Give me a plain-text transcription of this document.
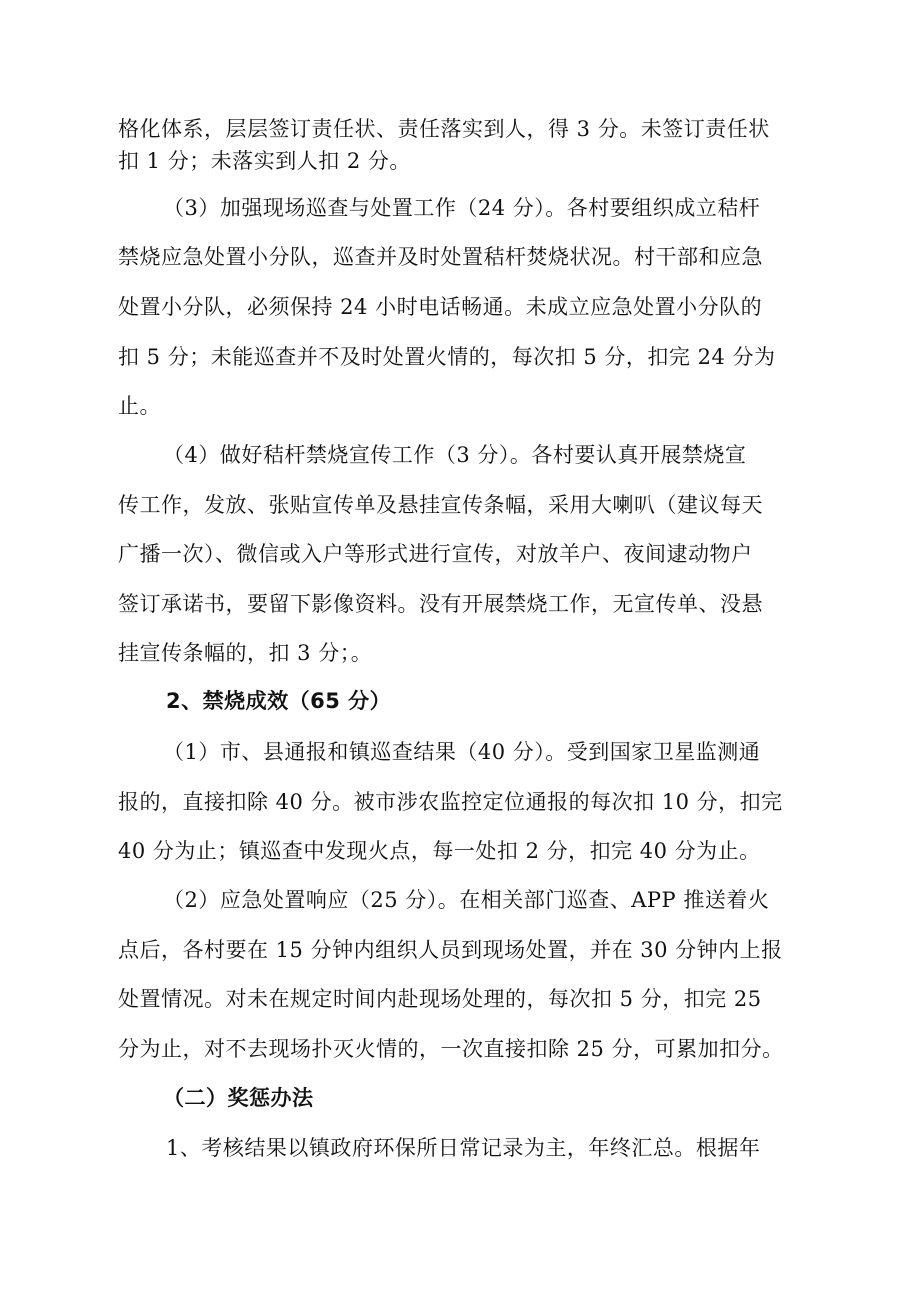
格化体系，层层签订责任状、责任落实到人，得 3 分。未签订责任状
扣 1 分；未落实到人扣 2 分。
（3）加强现场巡查与处置工作（24 分）。各村要组织成立秸杆
禁烧应急处置小分队，巡查并及时处置秸杆焚烧状况。村干部和应急
处置小分队，必须保持 24 小时电话畅通。未成立应急处置小分队的
扣 5 分；未能巡查并不及时处置火情的，每次扣 5 分，扣完 24 分为
止。
（4）做好秸杆禁烧宣传工作（3 分）。各村要认真开展禁烧宣
传工作，发放、张贴宣传单及悬挂宣传条幅，采用大喇叭（建议每天
广播一次）、微信或入户等形式进行宣传，对放羊户、夜间逮动物户
签订承诺书，要留下影像资料。没有开展禁烧工作，无宣传单、没悬
挂宣传条幅的，扣 3 分；。
2、禁烧成效（65 分）
（1）市、县通报和镇巡查结果（40 分）。受到国家卫星监测通
报的，直接扣除 40 分。被市涉农监控定位通报的每次扣 10 分，扣完
40 分为止；镇巡查中发现火点，每一处扣 2 分，扣完 40 分为止。
（2）应急处置响应（25 分）。在相关部门巡查、APP 推送着火
点后，各村要在 15 分钟内组织人员到现场处置，并在 30 分钟内上报
处置情况。对未在规定时间内赴现场处理的，每次扣 5 分，扣完 25
分为止，对不去现场扑灭火情的，一次直接扣除 25 分，可累加扣分。
（二）奖惩办法
1、考核结果以镇政府环保所日常记录为主，年终汇总。根据年
